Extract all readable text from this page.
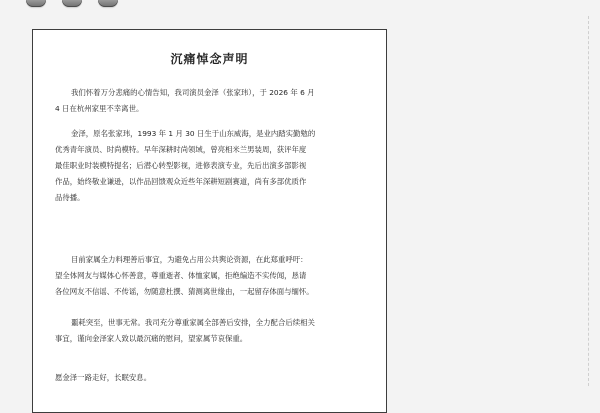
沉痛悼念声明
我们怀着万分悲痛的心情告知，我司演员金泽（张家玮），于 2026 年 6 月
4 日在杭州家里不幸离世。
金泽，原名张家玮，1993 年 1 月 30 日生于山东威海，是业内踏实勤勉的
优秀青年演员、时尚模特。早年深耕时尚领域，曾亮相米兰男装周，获评年度
最佳职业时装模特提名；后潜心转型影视，进修表演专业，先后出演多部影视
作品，始终敬业谦逊，以作品回馈观众近些年深耕短剧赛道，尚有多部优质作
品待播。
目前家属全力料理善后事宜，为避免占用公共舆论资源，在此郑重呼吁：
望全体网友与媒体心怀善意，尊重逝者、体恤家属，拒绝编造不实传闻，恳请
各位网友不信谣、不传谣，勿随意杜撰、猜测离世缘由，一起留存体面与缅怀。
噩耗突至，世事无常。我司充分尊重家属全部善后安排，全力配合后续相关
事宜，谨向金泽家人致以最沉痛的慰问，望家属节哀保重。
愿金泽一路走好，长眠安息。
